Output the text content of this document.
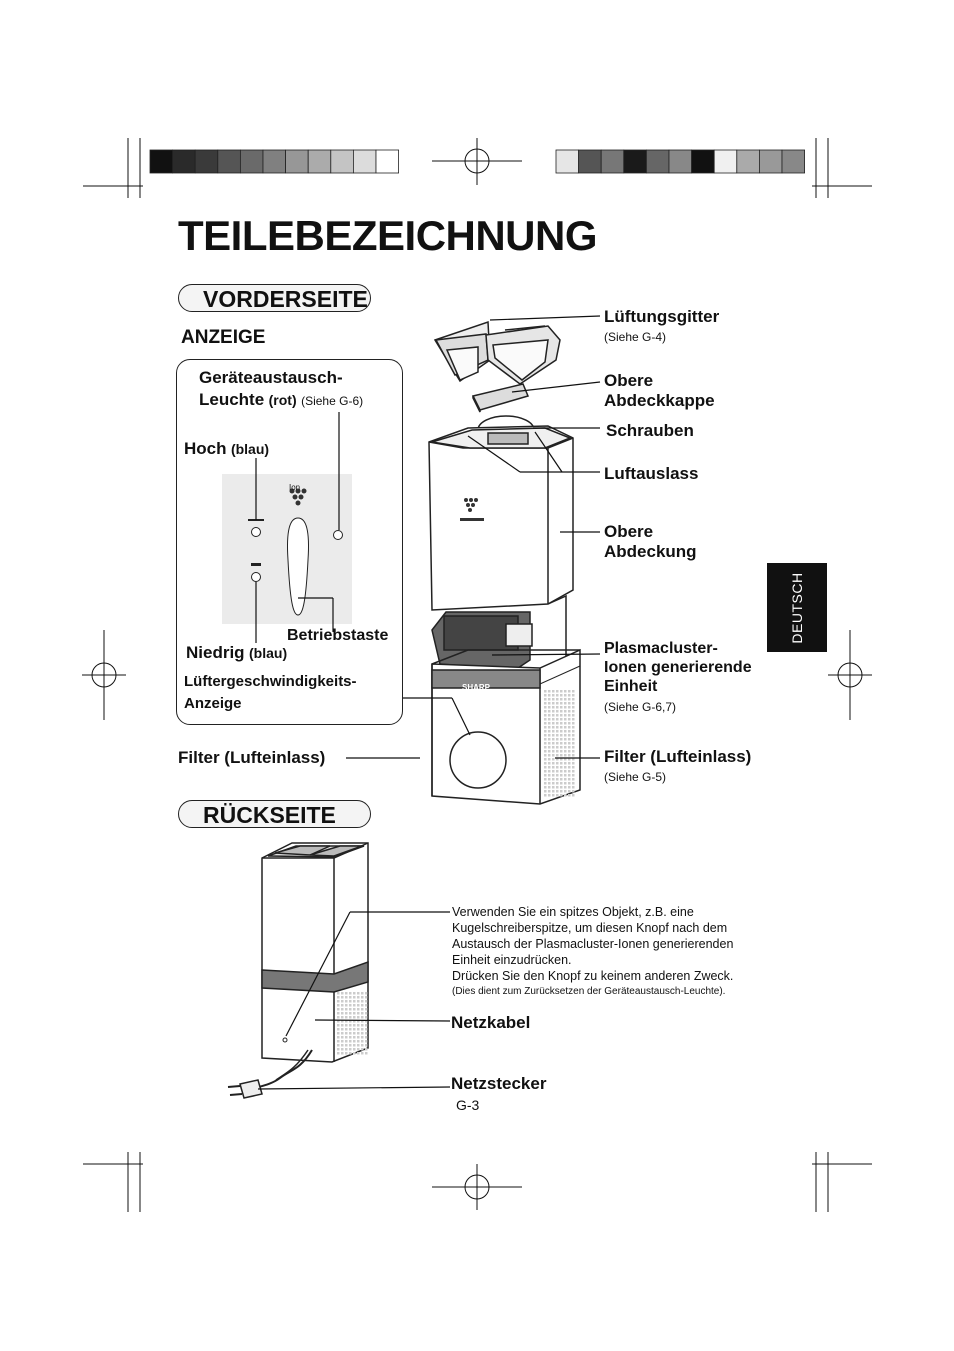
TEILEBEZEICHNUNG
DEUTSCH
VORDERSEITE
ANZEIGE
Geräteaustausch-
Leuchte (rot) (Siehe G-6)
Hoch (blau)
Ion
Betriebstaste
Niedrig (blau)
Lüftergeschwindigkeits-
Anzeige
Filter (Lufteinlass)
SHARP
Lüftungsgitter
(Siehe G-4)
Obere
Abdeckkappe
Schrauben
Luftauslass
Obere
Abdeckung
Plasmacluster-
Ionen generierende
Einheit
(Siehe G-6,7)
Filter (Lufteinlass)
(Siehe G-5)
RÜCKSEITE
Verwenden Sie ein spitzes Objekt, z.B. eine
Kugelschreiberspitze, um diesen Knopf nach dem
Austausch der Plasmacluster-Ionen generierenden
Einheit einzudrücken.
Drücken Sie den Knopf zu keinem anderen Zweck.
(Dies dient zum Zurücksetzen der Geräteaustausch-Leuchte).
Netzkabel
Netzstecker
G-3
